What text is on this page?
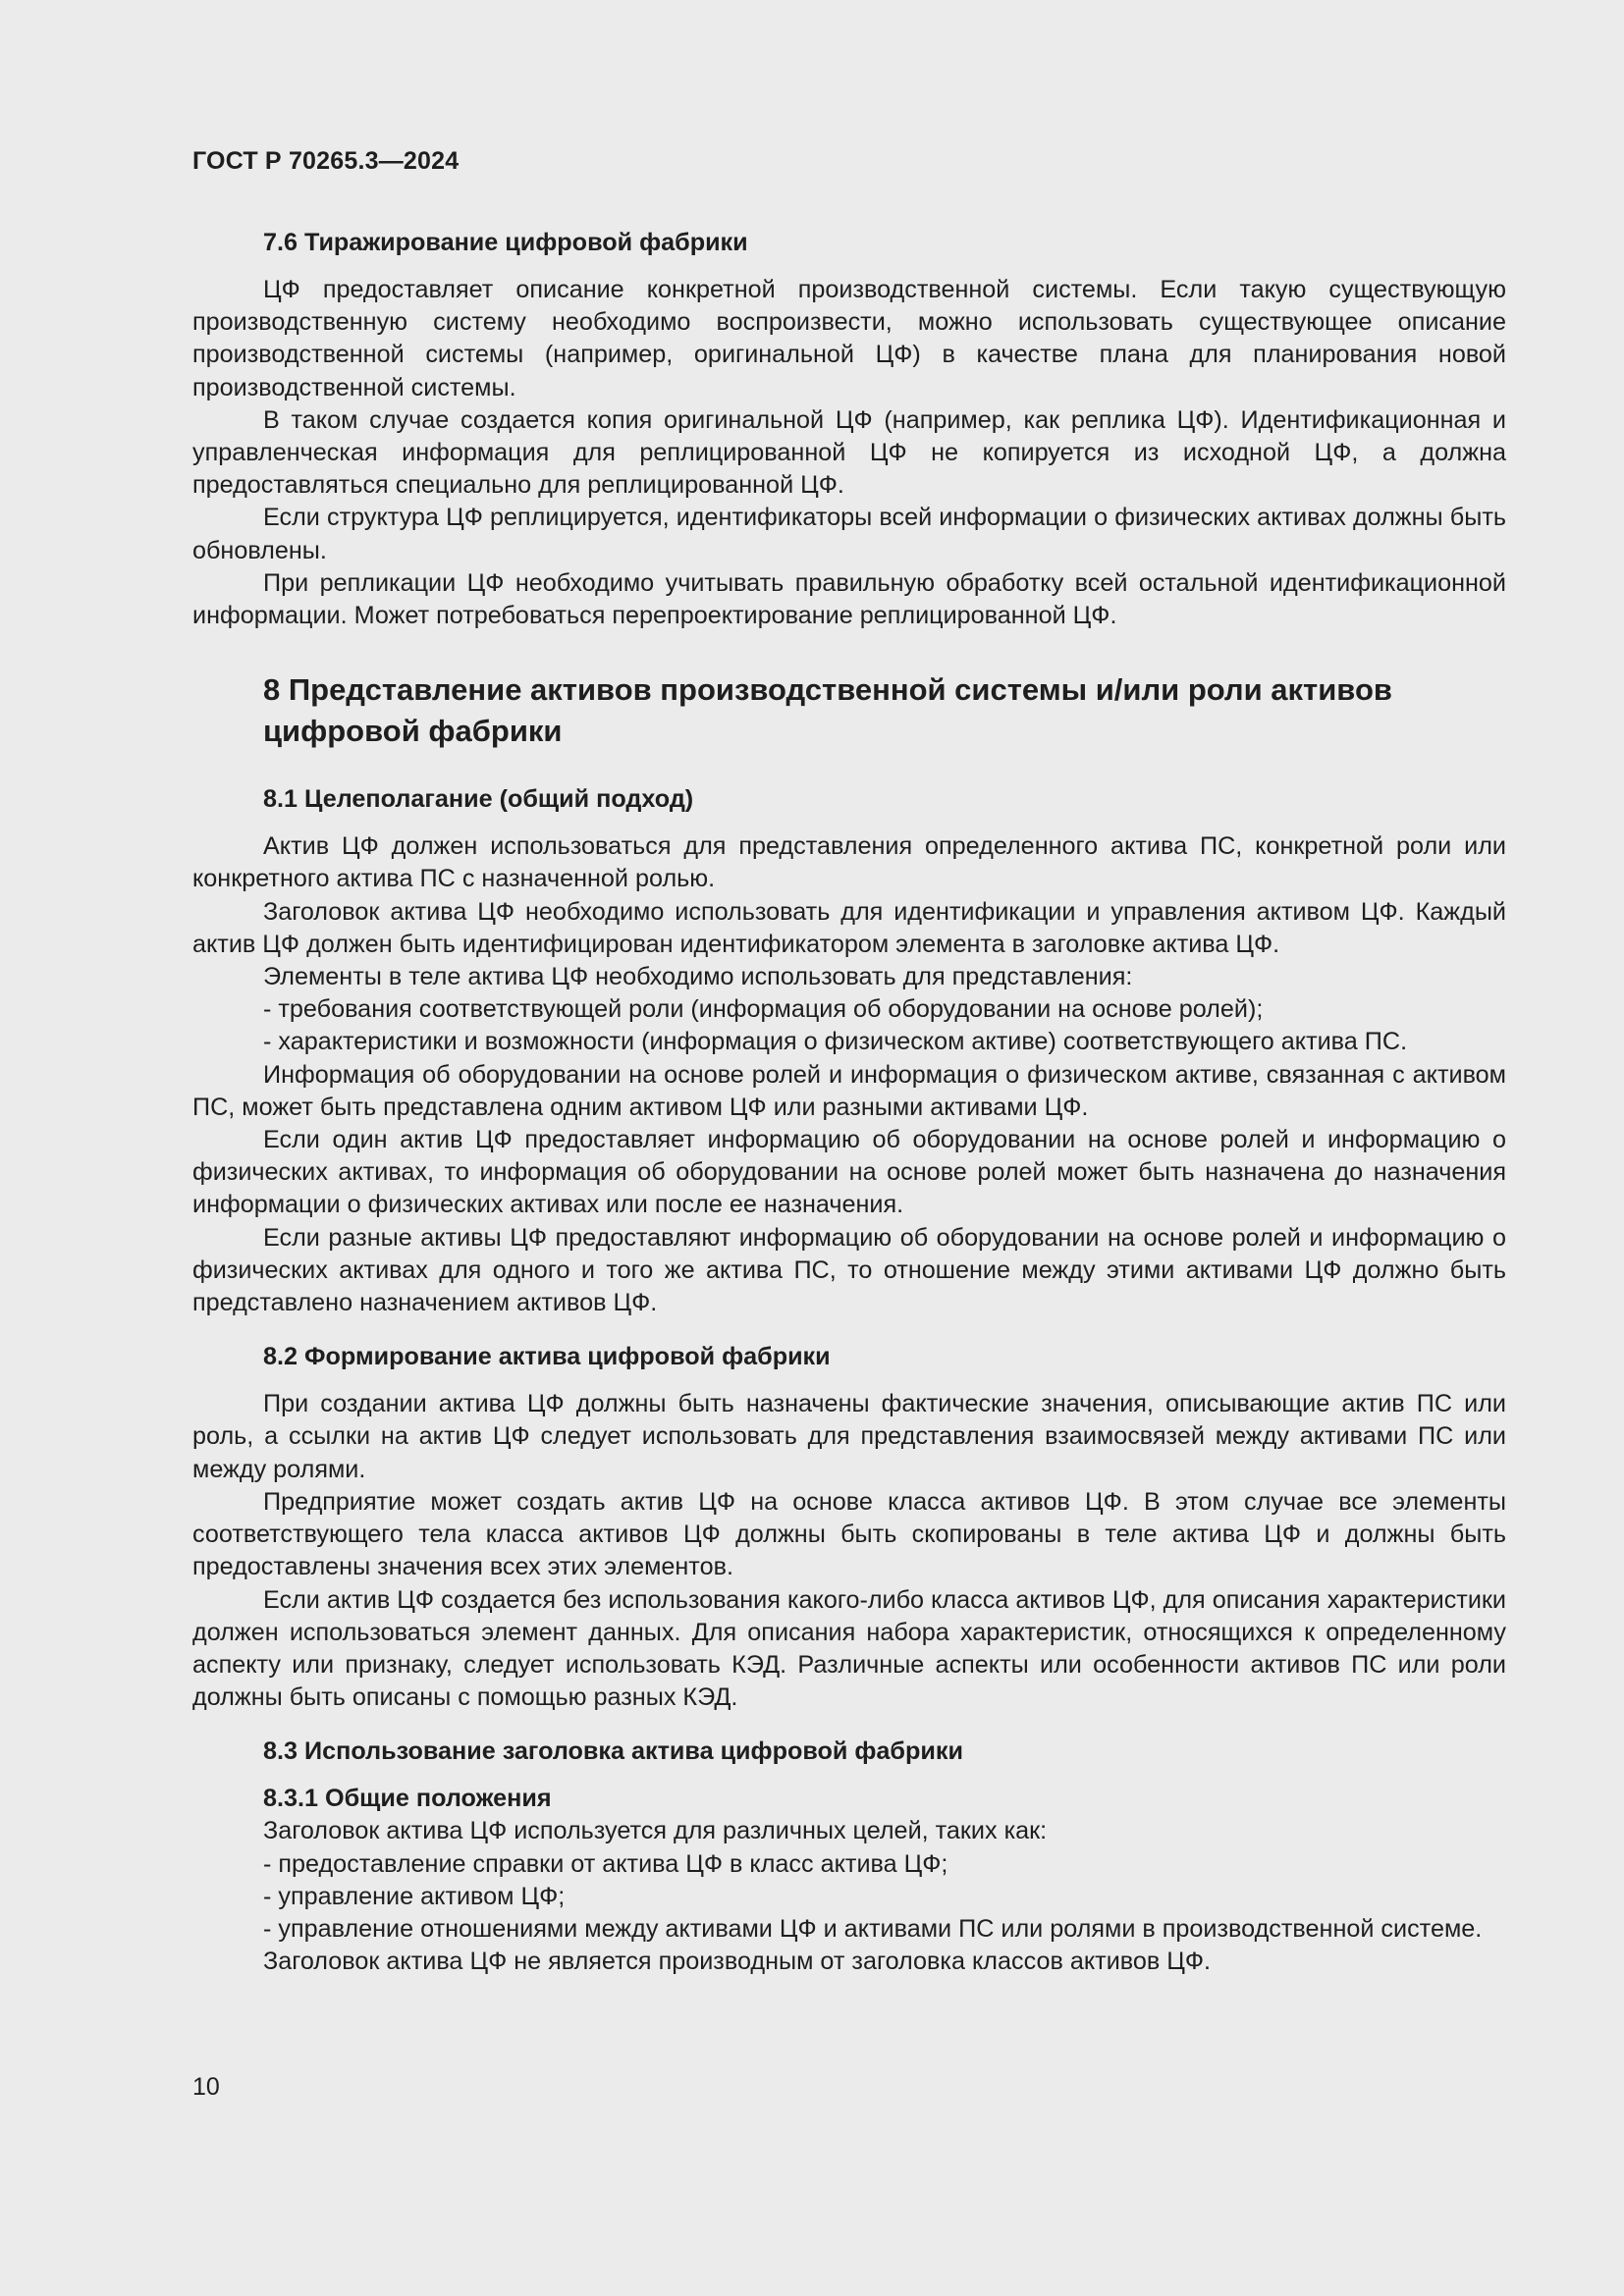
ГОСТ Р 70265.3—2024
7.6 Тиражирование цифровой фабрики

ЦФ предоставляет описание конкретной производственной системы. Если такую существующую производственную систему необходимо воспроизвести, можно использовать существующее описание производственной системы (например, оригинальной ЦФ) в качестве плана для планирования новой производственной системы.

В таком случае создается копия оригинальной ЦФ (например, как реплика ЦФ). Идентификационная и управленческая информация для реплицированной ЦФ не копируется из исходной ЦФ, а должна предоставляться специально для реплицированной ЦФ.

Если структура ЦФ реплицируется, идентификаторы всей информации о физических активах должны быть обновлены.

При репликации ЦФ необходимо учитывать правильную обработку всей остальной идентификационной информации. Может потребоваться перепроектирование реплицированной ЦФ.

8 Представление активов производственной системы и/или роли активов
цифровой фабрики
8.1 Целеполагание (общий подход)

Актив ЦФ должен использоваться для представления определенного актива ПС, конкретной роли или конкретного актива ПС с назначенной ролью.

Заголовок актива ЦФ необходимо использовать для идентификации и управления активом ЦФ. Каждый актив ЦФ должен быть идентифицирован идентификатором элемента в заголовке актива ЦФ.

Элементы в теле актива ЦФ необходимо использовать для представления:

- требования соответствующей роли (информация об оборудовании на основе ролей);

- характеристики и возможности (информация о физическом активе) соответствующего актива ПС.

Информация об оборудовании на основе ролей и информация о физическом активе, связанная с активом ПС, может быть представлена одним активом ЦФ или разными активами ЦФ.

Если один актив ЦФ предоставляет информацию об оборудовании на основе ролей и информацию о физических активах, то информация об оборудовании на основе ролей может быть назначена до назначения информации о физических активах или после ее назначения.

Если разные активы ЦФ предоставляют информацию об оборудовании на основе ролей и информацию о физических активах для одного и того же актива ПС, то отношение между этими активами ЦФ должно быть представлено назначением активов ЦФ.

8.2 Формирование актива цифровой фабрики

При создании актива ЦФ должны быть назначены фактические значения, описывающие актив ПС или роль, а ссылки на актив ЦФ следует использовать для представления взаимосвязей между активами ПС или между ролями.

Предприятие может создать актив ЦФ на основе класса активов ЦФ. В этом случае все элементы соответствующего тела класса активов ЦФ должны быть скопированы в теле актива ЦФ и должны быть предоставлены значения всех этих элементов.

Если актив ЦФ создается без использования какого-либо класса активов ЦФ, для описания характеристики должен использоваться элемент данных. Для описания набора характеристик, относящихся к определенному аспекту или признаку, следует использовать КЭД. Различные аспекты или особенности активов ПС или роли должны быть описаны с помощью разных КЭД.

8.3 Использование заголовка актива цифровой фабрики
8.3.1 Общие положения

Заголовок актива ЦФ используется для различных целей, таких как:

- предоставление справки от актива ЦФ в класс актива ЦФ;

- управление активом ЦФ;

- управление отношениями между активами ЦФ и активами ПС или ролями в производственной системе.

Заголовок актива ЦФ не является производным от заголовка классов активов ЦФ.

10
